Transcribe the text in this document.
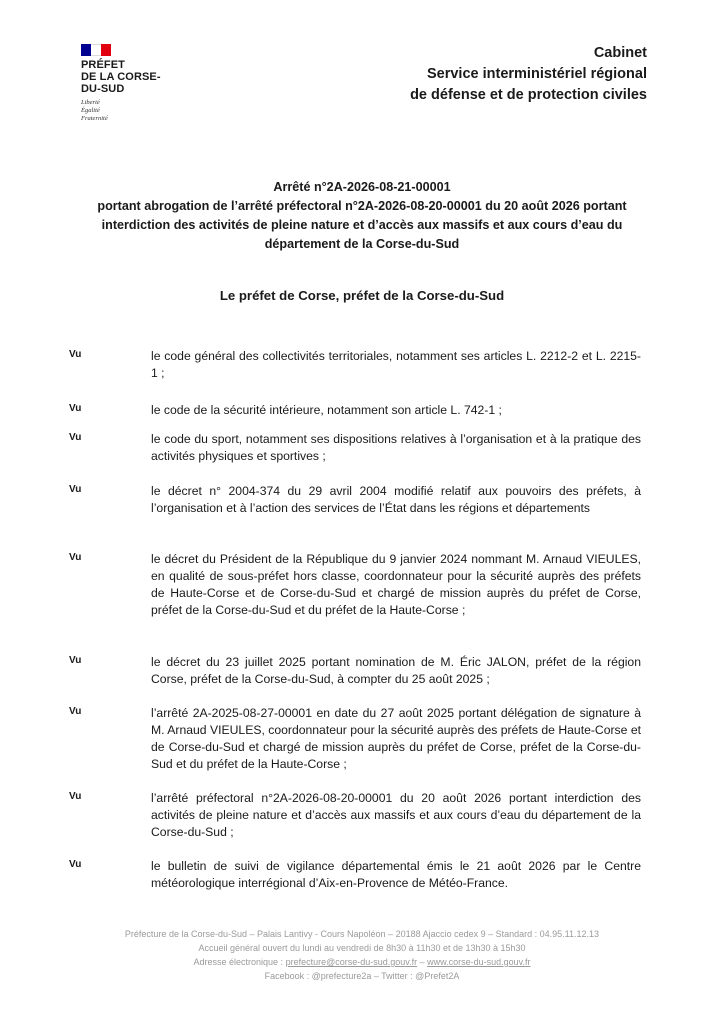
PRÉFET
DE LA CORSE-
DU-SUD
Liberté
Égalité
Fraternité
Cabinet
Service interministériel régional
de défense et de protection civiles
Arrêté n°2A-2026-08-21-00001
portant abrogation de l’arrêté préfectoral n°2A-2026-08-20-00001 du 20 août 2026 portant
interdiction des activités de pleine nature et d’accès aux massifs et aux cours d’eau du
département de la Corse-du-Sud
Le préfet de Corse, préfet de la Corse-du-Sud
Vu	le code général des collectivités territoriales, notamment ses articles L. 2212-2 et L. 2215-1 ;
Vu	le code de la sécurité intérieure, notamment son article L. 742-1 ;
Vu	le code du sport, notamment ses dispositions relatives à l’organisation et à la pratique des activités physiques et sportives ;
Vu	le décret n° 2004-374 du 29 avril 2004 modifié relatif aux pouvoirs des préfets, à l’organisation et à l’action des services de l’État dans les régions et départements
Vu	le décret du Président de la République du 9 janvier 2024 nommant M. Arnaud VIEULES, en qualité de sous-préfet hors classe, coordonnateur pour la sécurité auprès des préfets de Haute-Corse et de Corse-du-Sud et chargé de mission auprès du préfet de Corse, préfet de la Corse-du-Sud et du préfet de la Haute-Corse ;
Vu	le décret du 23 juillet 2025 portant nomination de M. Éric JALON, préfet de la région Corse, préfet de la Corse-du-Sud, à compter du 25 août 2025 ;
Vu	l’arrêté 2A-2025-08-27-00001 en date du 27 août 2025 portant délégation de signature à M. Arnaud VIEULES, coordonnateur pour la sécurité auprès des préfets de Haute-Corse et de Corse-du-Sud et chargé de mission auprès du préfet de Corse, préfet de la Corse-du-Sud et du préfet de la Haute-Corse ;
Vu	l’arrêté préfectoral n°2A-2026-08-20-00001 du 20 août 2026 portant interdiction des activités de pleine nature et d’accès aux massifs et aux cours d’eau du département de la Corse-du-Sud ;
Vu	le bulletin de suivi de vigilance départemental émis le 21 août 2026 par le Centre météorologique interrégional d’Aix-en-Provence de Météo-France.
Préfecture de la Corse-du-Sud – Palais Lantivy - Cours Napoléon – 20188 Ajaccio cedex 9 – Standard : 04.95.11.12.13
Accueil général ouvert du lundi au vendredi de 8h30 à 11h30 et de 13h30 à 15h30
Adresse électronique : prefecture@corse-du-sud.gouv.fr – www.corse-du-sud.gouv.fr
Facebook : @prefecture2a – Twitter : @Prefet2A
